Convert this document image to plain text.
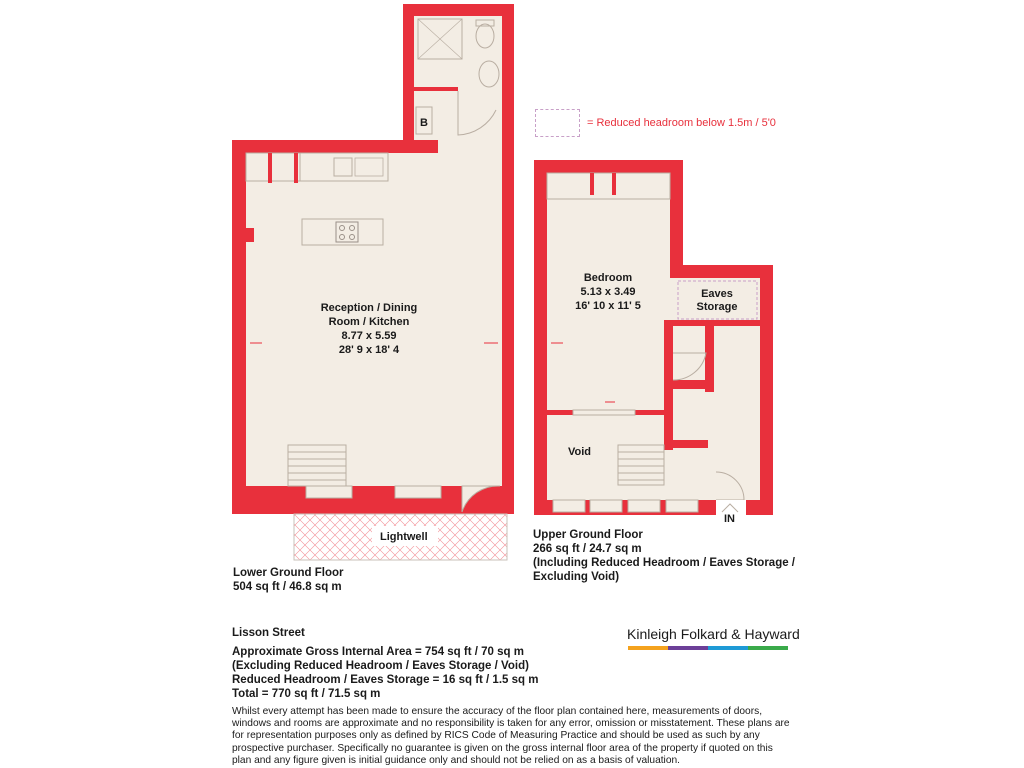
B
Lightwell
Reception / Dining
Room / Kitchen
8.77 x 5.59
28' 9 x 18' 4
IN
Bedroom
5.13 x 3.49
16' 10 x 11' 5
Eaves
Storage
Void
= Reduced headroom below 1.5m / 5'0
Lower Ground Floor
504 sq ft / 46.8 sq m
Upper Ground Floor
266 sq ft / 24.7 sq m
(Including Reduced Headroom / Eaves Storage /
Excluding Void)
Kinleigh Folkard & Hayward
Lisson Street
Approximate Gross Internal Area = 754 sq ft / 70 sq m
(Excluding Reduced Headroom / Eaves Storage / Void)
Reduced Headroom / Eaves Storage = 16 sq ft / 1.5 sq m
Total = 770 sq ft / 71.5 sq m
Whilst every attempt has been made to ensure the accuracy of the floor plan contained here, measurements of doors, windows and rooms are approximate and no responsibility is taken for any error, omission or misstatement. These plans are for representation purposes only as defined by RICS Code of Measuring Practice and should be used as such by any prospective purchaser. Specifically no guarantee is given on the gross internal floor area of the property if quoted on this plan and any figure given is initial guidance only and should not be relied on as a basis of valuation.
